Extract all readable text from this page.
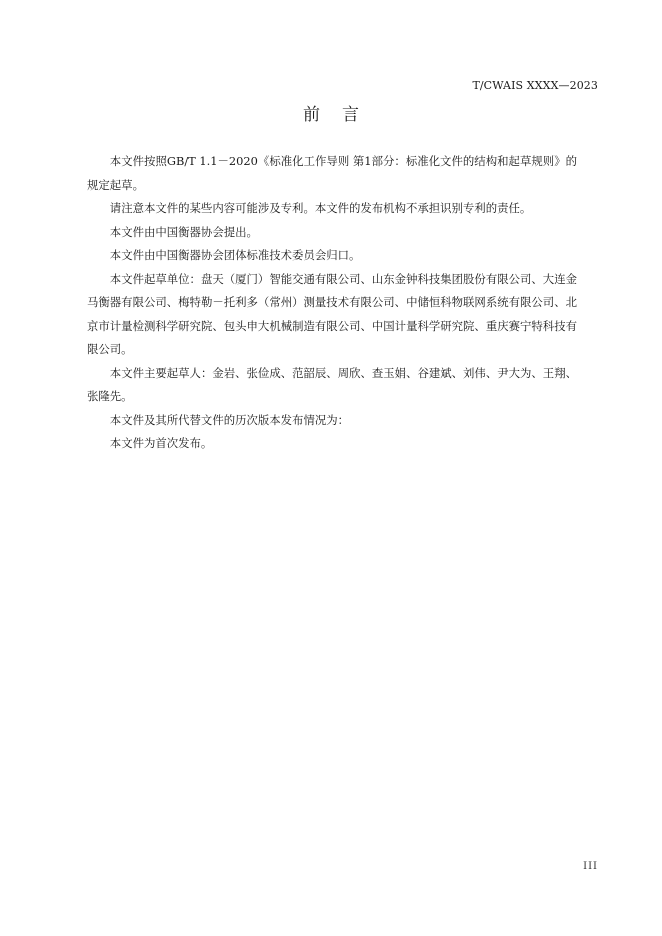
T/CWAIS XXXX—2023
前言

本文件按照GB/T 1.1－2020《标准化工作导则 第1部分：标准化文件的结构和起草规则》的规定起草。

请注意本文件的某些内容可能涉及专利。本文件的发布机构不承担识别专利的责任。

本文件由中国衡器协会提出。

本文件由中国衡器协会团体标准技术委员会归口。

本文件起草单位：盘天（厦门）智能交通有限公司、山东金钟科技集团股份有限公司、大连金马衡器有限公司、梅特勒－托利多（常州）测量技术有限公司、中储恒科物联网系统有限公司、北京市计量检测科学研究院、包头申大机械制造有限公司、中国计量科学研究院、重庆赛宁特科技有限公司。

本文件主要起草人：金岩、张俭成、范韶辰、周欣、查玉娟、谷建斌、刘伟、尹大为、王翔、张隆先。

本文件及其所代替文件的历次版本发布情况为：

本文件为首次发布。

III
